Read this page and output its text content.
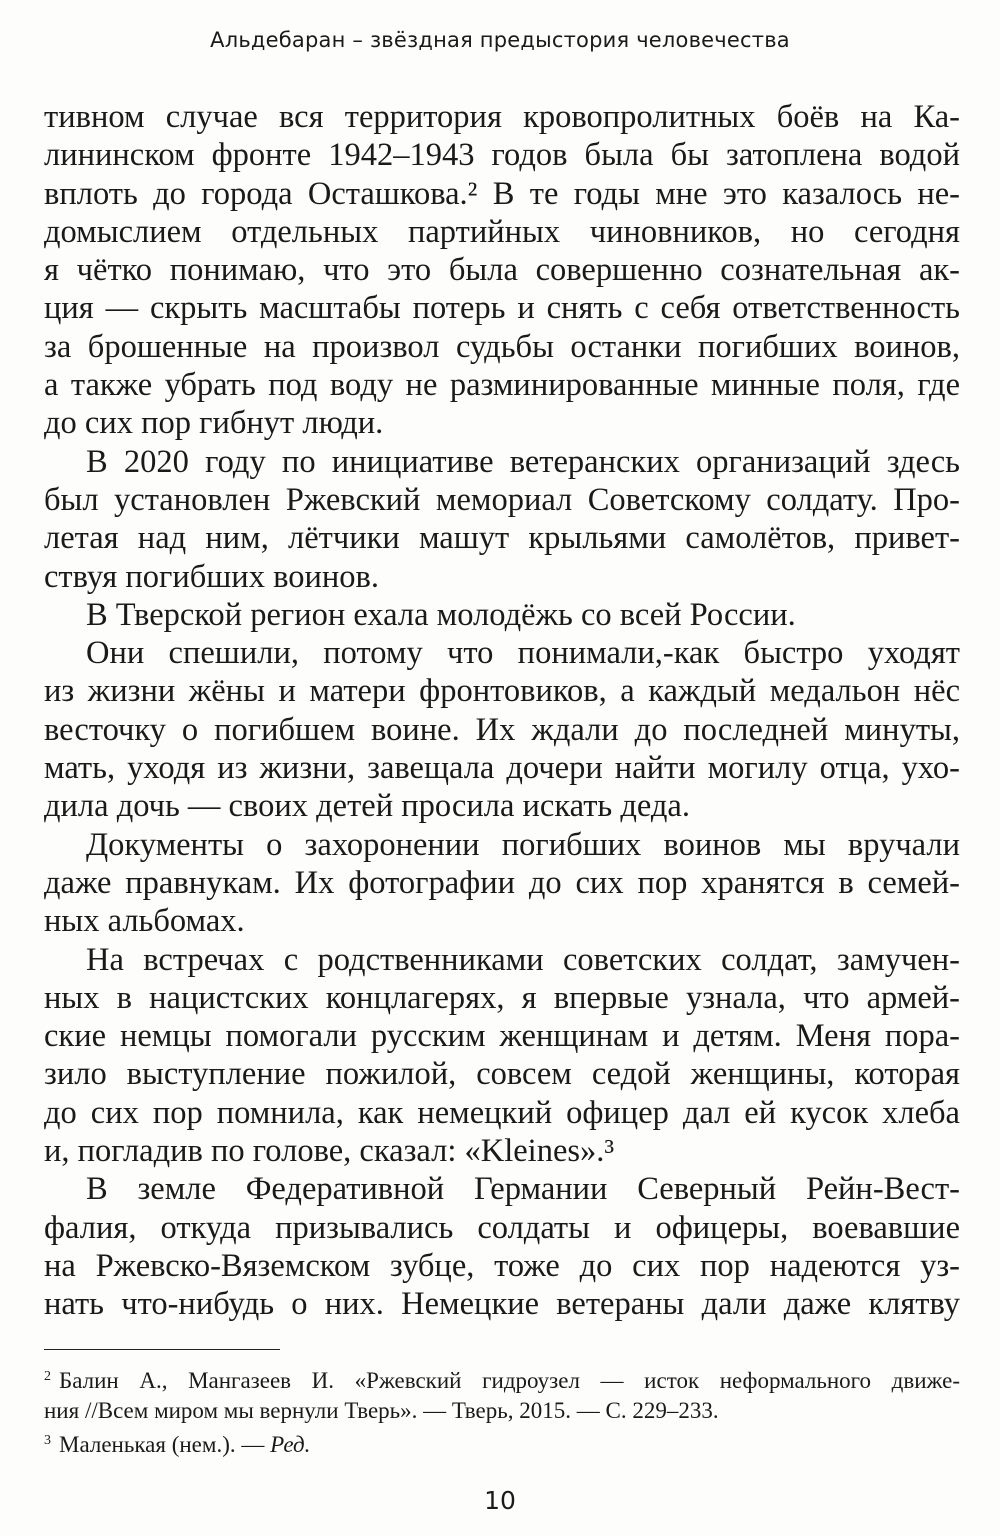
Альдебаран – звёздная предыстория человечества
тивном случае вся территория кровопролитных боёв на Ка-
лининском фронте 1942–1943 годов была бы затоплена водой
вплоть до города Осташкова.² В те годы мне это казалось не-
домыслием отдельных партийных чиновников, но сегодня
я чётко понимаю, что это была совершенно сознательная ак-
ция — скрыть масштабы потерь и снять с себя ответственность
за брошенные на произвол судьбы останки погибших воинов,
а также убрать под воду не разминированные минные поля, где
до сих пор гибнут люди.
В 2020 году по инициативе ветеранских организаций здесь
был установлен Ржевский мемориал Советскому солдату. Про-
летая над ним, лётчики машут крыльями самолётов, привет-
ствуя погибших воинов.
В Тверской регион ехала молодёжь со всей России.
Они спешили, потому что понимали,-как быстро уходят
из жизни жёны и матери фронтовиков, а каждый медальон нёс
весточку о погибшем воине. Их ждали до последней минуты,
мать, уходя из жизни, завещала дочери найти могилу отца, ухо-
дила дочь — своих детей просила искать деда.
Документы о захоронении погибших воинов мы вручали
даже правнукам. Их фотографии до сих пор хранятся в семей-
ных альбомах.
На встречах с родственниками советских солдат, замучен-
ных в нацистских концлагерях, я впервые узнала, что армей-
ские немцы помогали русским женщинам и детям. Меня пора-
зило выступление пожилой, совсем седой женщины, которая
до сих пор помнила, как немецкий офицер дал ей кусок хлеба
и, погладив по голове, сказал: «Kleines».³
В земле Федеративной Германии Северный Рейн-Вест-
фалия, откуда призывались солдаты и офицеры, воевавшие
на Ржевско-Вяземском зубце, тоже до сих пор надеются уз-
нать что-нибудь о них. Немецкие ветераны дали даже клятву
$^2$ Балин А., Мангазеев И. «Ржевский гидроузел — исток неформального движе-
ния //Всем миром мы вернули Тверь». — Тверь, 2015. — С. 229–233.
$^3$ Маленькая (нем.). — Ред.
10
